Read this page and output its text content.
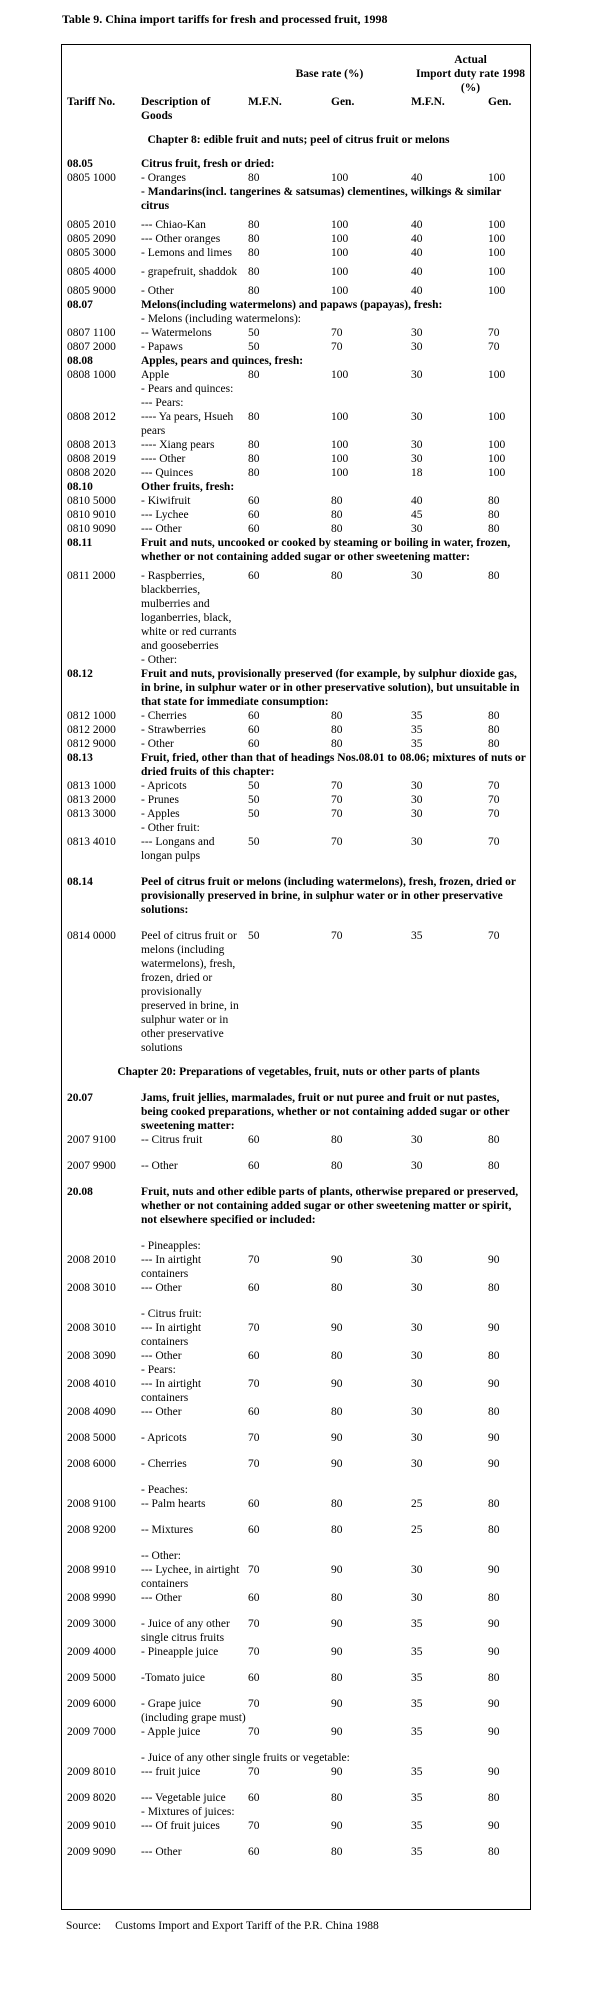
Table 9. China import tariffs for fresh and processed fruit, 1998
Actual
Base rate (%)	Import duty rate 1998 (%)
Tariff No.	Description of	M.F.N.	Gen.	M.F.N.	Gen.
Goods
Chapter 8: edible fruit and nuts; peel of citrus fruit or melons
08.05	Citrus fruit, fresh or dried:
0805 1000	- Oranges	80	100	40	100
- Mandarins(incl. tangerines & satsumas) clementines, wilkings & similar citrus
0805 2010	--- Chiao-Kan	80	100	40	100
0805 2090	--- Other oranges	80	100	40	100
0805 3000	- Lemons and limes	80	100	40	100
0805 4000	- grapefruit, shaddok 80	100	40	100
0805 9000	- Other	80	100	40	100
08.07	Melons(including watermelons) and papaws (papayas), fresh:
- Melons (including watermelons):
0807 1100	-- Watermelons	50	70	30	70
0807 2000	- Papaws	50	70	30	70
08.08	Apples, pears and quinces, fresh:
0808 1000	Apple	80	100	30	100
- Pears and quinces:
--- Pears:
0808 2012	---- Ya pears, Hsueh pears
80	100	30	100
0808 2013	---- Xiang pears	80	100	30	100
0808 2019	---- Other	80	100	30	100
0808 2020	--- Quinces	80	100	18	100
08.10	Other fruits, fresh:
0810 5000	- Kiwifruit	60	80	40	80
0810 9010	--- Lychee	60	80	45	80
0810 9090	--- Other	60	80	30	80
08.11	Fruit and nuts, uncooked or cooked by steaming or boiling in water, frozen, whether or not containing added sugar or other sweetening matter:
0811 2000	- Raspberries, blackberries, mulberries and loganberries, black, white or red currants and gooseberries
60	80	30	80
- Other:
08.12	Fruit and nuts, provisionally preserved (for example, by sulphur dioxide gas, in brine, in sulphur water or in other preservative solution), but unsuitable in that state for immediate consumption:
0812 1000	- Cherries	60	80	35	80
0812 2000	- Strawberries	60	80	35	80
0812 9000	- Other	60	80	35	80
08.13	Fruit, fried, other than that of headings Nos.08.01 to 08.06; mixtures of nuts or dried fruits of this chapter:
0813 1000	- Apricots	50	70	30	70
0813 2000	- Prunes	50	70	30	70
0813 3000	- Apples	50	70	30	70
- Other fruit:
0813 4010	--- Longans and longan pulps
50	70	30	70
08.14	Peel of citrus fruit or melons (including watermelons), fresh, frozen, dried or provisionally preserved in brine, in sulphur water or in other preservative solutions:
0814 0000	Peel of citrus fruit or melons (including watermelons), fresh, frozen, dried or provisionally preserved in brine, in sulphur water or in other preservative solutions
50	70	35	70
Chapter 20: Preparations of vegetables, fruit, nuts or other parts of plants
20.07	Jams, fruit jellies, marmalades, fruit or nut puree and fruit or nut pastes, being cooked preparations, whether or not containing added sugar or other sweetening matter:
2007 9100	-- Citrus fruit	60	80	30	80
2007 9900	-- Other	60	80	30	80
20.08	Fruit, nuts and other edible parts of plants, otherwise prepared or preserved, whether or not containing added sugar or other sweetening matter or spirit, not elsewhere specified or included:
- Pineapples:
2008 2010	--- In airtight containers
70	90	30	90
2008 3010	--- Other	60	80	30	80
- Citrus fruit:
2008 3010	--- In airtight containers
70	90	30	90
2008 3090	--- Other	60	80	30	80
- Pears:
2008 4010	--- In airtight containers
70	90	30	90
2008 4090	--- Other	60	80	30	80
2008 5000	- Apricots	70	90	30	90
2008 6000	- Cherries	70	90	30	90
- Peaches:
2008 9100	-- Palm hearts	60	80	25	80
2008 9200	-- Mixtures	60	80	25	80
-- Other:
2008 9910	--- Lychee, in airtight containers
70	90	30	90
2008 9990	--- Other	60	80	30	80
2009 3000	- Juice of any other single citrus fruits
70	90	35	90
2009 4000	- Pineapple juice	70	90	35	90
2009 5000	-Tomato juice	60	80	35	80
2009 6000	- Grape juice (including grape must)
70	90	35	90
2009 7000	- Apple juice	70	90	35	90
- Juice of any other single fruits or vegetable:
2009 8010	--- fruit juice	70	90	35	90
2009 8020	--- Vegetable juice	60	80	35	80
- Mixtures of juices:
2009 9010	--- Of fruit juices	70	90	35	90
2009 9090	--- Other	60	80	35	80
Source: Customs Import and Export Tariff of the P.R. China 1988
